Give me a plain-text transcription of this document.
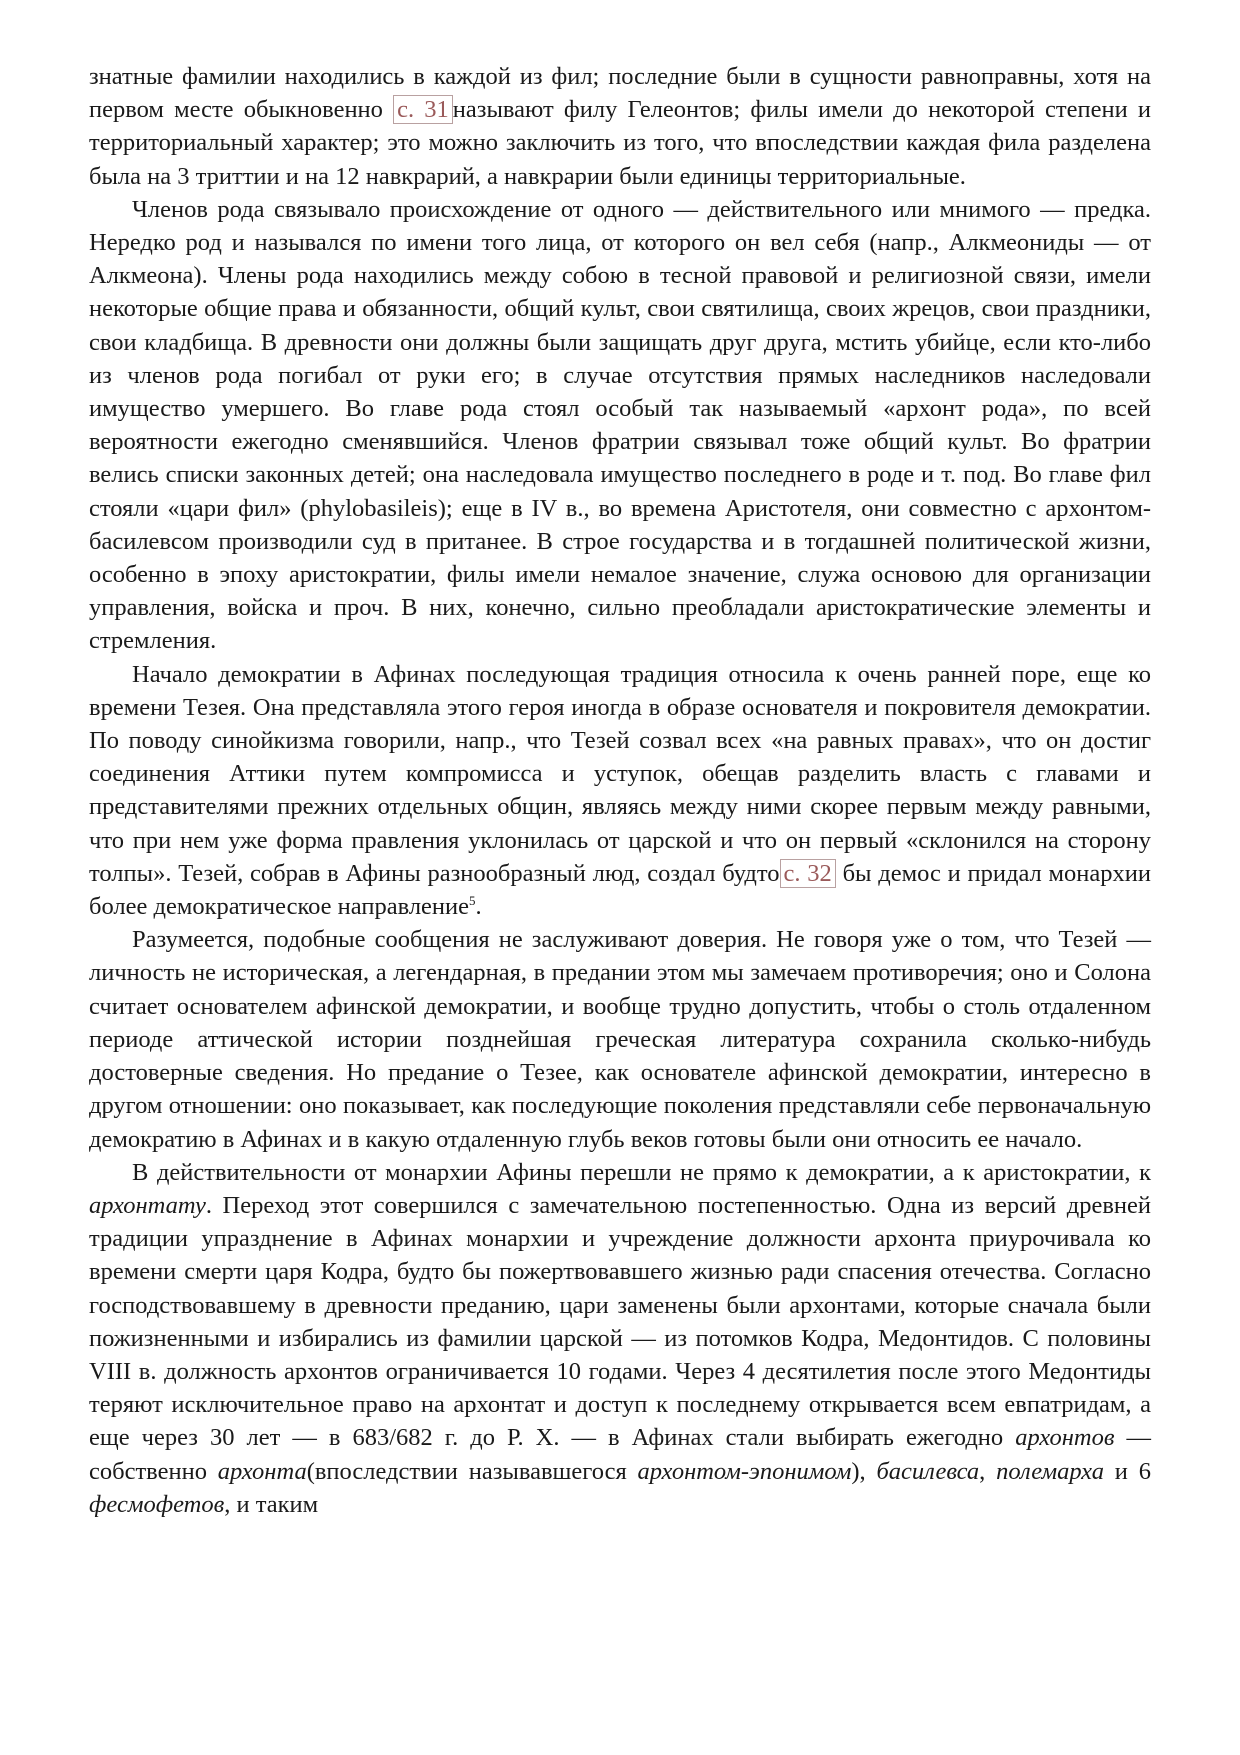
знатные фамилии находились в каждой из фил; последние были в сущности равноправны, хотя на первом месте обыкновенно с. 31 называют филу Гелеонтов; филы имели до некоторой степени и территориальный характер; это можно заключить из того, что впоследствии каждая фила разделена была на 3 триттии и на 12 навкрарий, а навкрарии были единицы территориальные.

Членов рода связывало происхождение от одного — действительного или мнимого — предка. Нередко род и назывался по имени того лица, от которого он вел себя (напр., Алкмеониды — от Алкмеона). Члены рода находились между собою в тесной правовой и религиозной связи, имели некоторые общие права и обязанности, общий культ, свои святилища, своих жрецов, свои праздники, свои кладбища. В древности они должны были защищать друг друга, мстить убийце, если кто-либо из членов рода погибал от руки его; в случае отсутствия прямых наследников наследовали имущество умершего. Во главе рода стоял особый так называемый «архонт рода», по всей вероятности ежегодно сменявшийся. Членов фратрии связывал тоже общий культ. Во фратрии велись списки законных детей; она наследовала имущество последнего в роде и т. под. Во главе фил стояли «цари фил» (phylobasileis); еще в IV в., во времена Аристотеля, они совместно с архонтом-басилевсом производили суд в пританее. В строе государства и в тогдашней политической жизни, особенно в эпоху аристократии, филы имели немалое значение, служа основою для организации управления, войска и проч. В них, конечно, сильно преобладали аристократические элементы и стремления.

Начало демократии в Афинах последующая традиция относила к очень ранней поре, еще ко времени Тезея. Она представляла этого героя иногда в образе основателя и покровителя демократии. По поводу синойкизма говорили, напр., что Тезей созвал всех «на равных правах», что он достиг соединения Аттики путем компромисса и уступок, обещав разделить власть с главами и представителями прежних отдельных общин, являясь между ними скорее первым между равными, что при нем уже форма правления уклонилась от царской и что он первый «склонился на сторону толпы». Тезей, собрав в Афины разнообразный люд, создал будто с. 32 бы демос и придал монархии более демократическое направление$^5$.

Разумеется, подобные сообщения не заслуживают доверия. Не говоря уже о том, что Тезей — личность не историческая, а легендарная, в предании этом мы замечаем противоречия; оно и Солона считает основателем афинской демократии, и вообще трудно допустить, чтобы о столь отдаленном периоде аттической истории позднейшая греческая литература сохранила сколько-нибудь достоверные сведения. Но предание о Тезее, как основателе афинской демократии, интересно в другом отношении: оно показывает, как последующие поколения представляли себе первоначальную демократию в Афинах и в какую отдаленную глубь веков готовы были они относить ее начало.

В действительности от монархии Афины перешли не прямо к демократии, а к аристократии, к архонтату. Переход этот совершился с замечательною постепенностью. Одна из версий древней традиции упразднение в Афинах монархии и учреждение должности архонта приурочивала ко времени смерти царя Кодра, будто бы пожертвовавшего жизнью ради спасения отечества. Согласно господствовавшему в древности преданию, цари заменены были архонтами, которые сначала были пожизненными и избирались из фамилии царской — из потомков Кодра, Медонтидов. С половины VIII в. должность архонтов ограничивается 10 годами. Через 4 десятилетия после этого Медонтиды теряют исключительное право на архонтат и доступ к последнему открывается всем евпатридам, а еще через 30 лет — в 683/682 г. до Р. Х. — в Афинах стали выбирать ежегодно архонтов — собственно архонта(впоследствии называвшегося архонтом-эпонимом), басилевса, полемарха и 6 фесмофетов, и таким
